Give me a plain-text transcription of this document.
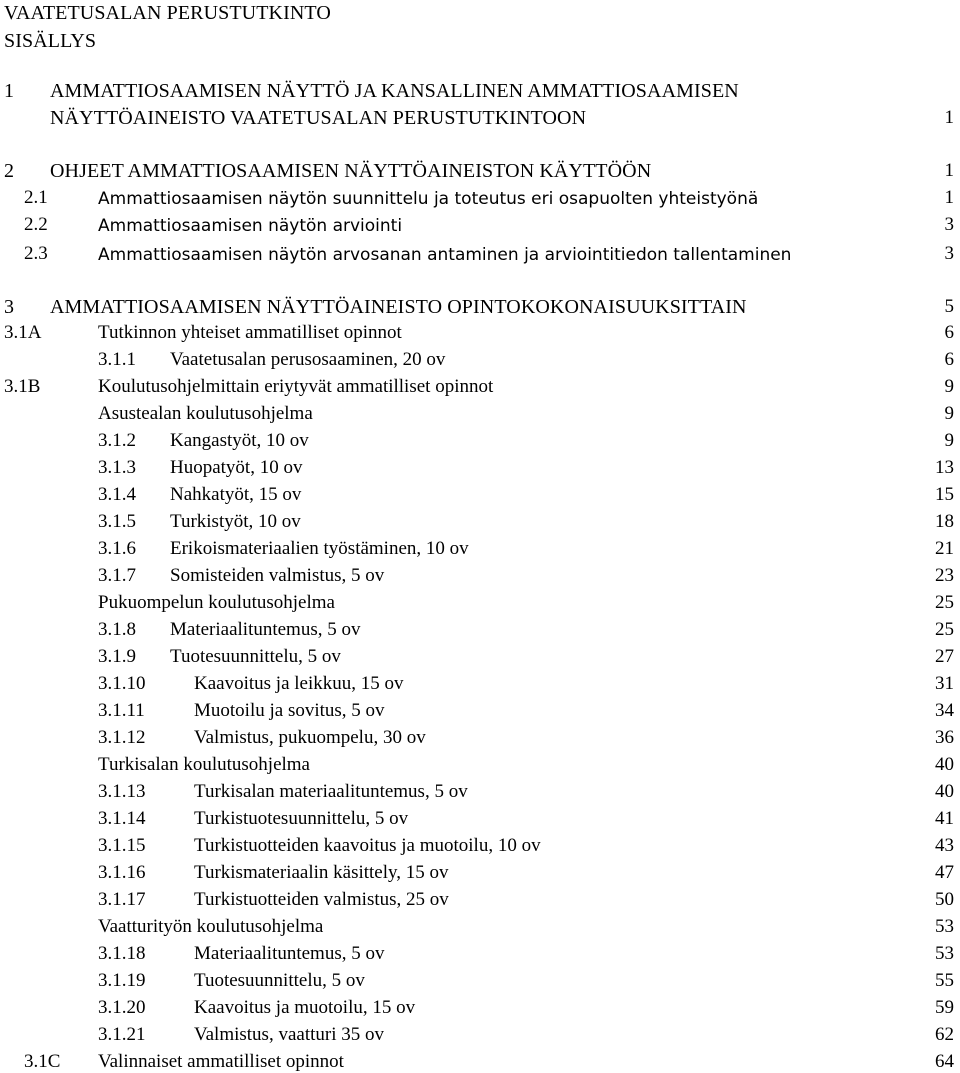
VAATETUSALAN PERUSTUTKINTO
SISÄLLYS
1 AMMATTIOSAAMISEN NÄYTTÖ JA KANSALLINEN AMMATTIOSAAMISEN
NÄYTTÖAINEISTO VAATETUSALAN PERUSTUTKINTOON	1
2 OHJEET AMMATTIOSAAMISEN NÄYTTÖAINEISTON KÄYTTÖÖN	1
2.1	Ammattiosaamisen näytön suunnittelu ja toteutus eri osapuolten yhteistyönä	1
2.2	Ammattiosaamisen näytön arviointi	3
2.3	Ammattiosaamisen näytön arvosanan antaminen ja arviointitiedon tallentaminen	3
3 AMMATTIOSAAMISEN NÄYTTÖAINEISTO OPINTOKOKONAISUUKSITTAIN	5
3.1A	Tutkinnon yhteiset ammatilliset opinnot	6
3.1.1 Vaatetusalan perusosaaminen, 20 ov	6
3.1B	Koulutusohjelmittain eriytyvät ammatilliset opinnot	9
Asustealan koulutusohjelma	9
3.1.2 Kangastyöt, 10 ov	9
3.1.3 Huopatyöt, 10 ov	13
3.1.4 Nahkatyöt, 15 ov	15
3.1.5 Turkistyöt, 10 ov	18
3.1.6 Erikoismateriaalien työstäminen, 10 ov	21
3.1.7 Somisteiden valmistus, 5 ov	23
Pukuompelun koulutusohjelma	25
3.1.8 Materiaalituntemus, 5 ov	25
3.1.9 Tuotesuunnittelu, 5 ov	27
3.1.10	Kaavoitus ja leikkuu, 15 ov	31
3.1.11	Muotoilu ja sovitus, 5 ov	34
3.1.12	Valmistus, pukuompelu, 30 ov	36
Turkisalan koulutusohjelma	40
3.1.13	Turkisalan materiaalituntemus, 5 ov	40
3.1.14	Turkistuotesuunnittelu, 5 ov	41
3.1.15	Turkistuotteiden kaavoitus ja muotoilu, 10 ov	43
3.1.16	Turkismateriaalin käsittely, 15 ov	47
3.1.17	Turkistuotteiden valmistus, 25 ov	50
Vaatturityön koulutusohjelma	53
3.1.18	Materiaalituntemus, 5 ov	53
3.1.19	Tuotesuunnittelu, 5 ov	55
3.1.20	Kaavoitus ja muotoilu, 15 ov	59
3.1.21	Valmistus, vaatturi 35 ov	62
3.1C Valinnaiset ammatilliset opinnot	64
